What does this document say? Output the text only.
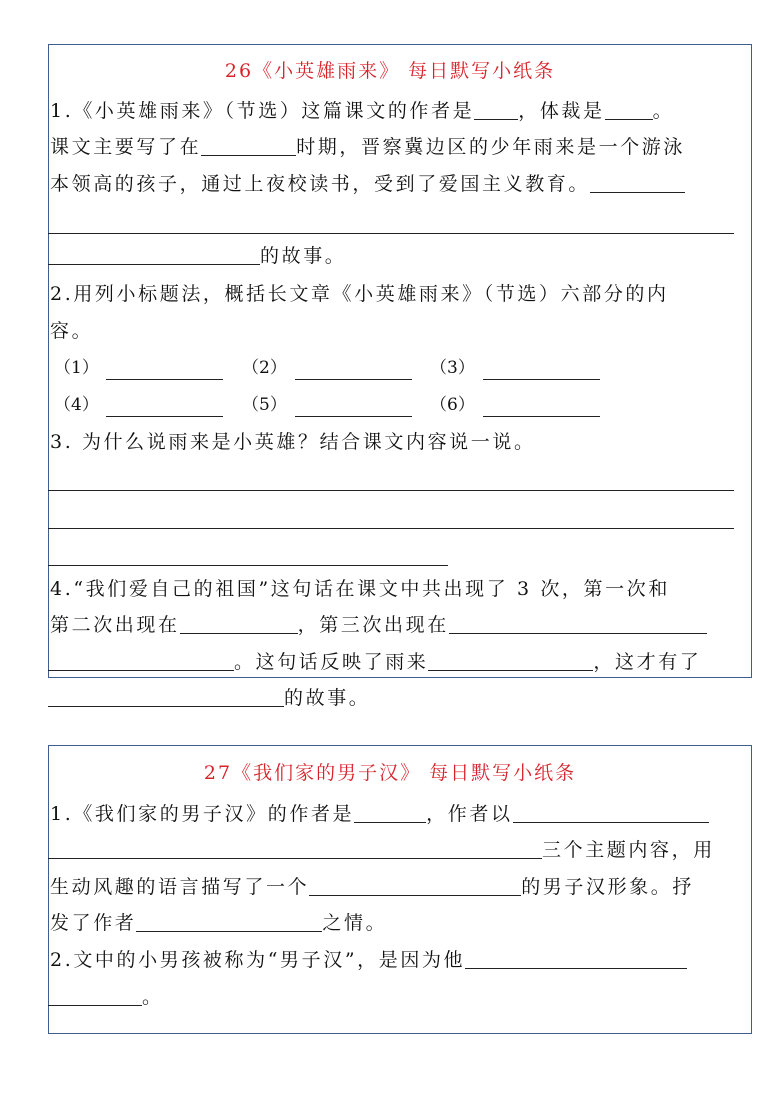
26《小英雄雨来》 每日默写小纸条
1.《小英雄雨来》（节选）这篇课文的作者是 ，体裁是	。
课文主要写了在	时期，晋察冀边区的少年雨来是一个游泳
本领高的孩子，通过上夜校读书，受到了爱国主义教育。
的故事。
2.用列小标题法，概括长文章《小英雄雨来》（节选）六部分的内
容。
（1）	（2）	（3）
（4）	（5）	（6）
3. 为什么说雨来是小英雄？结合课文内容说一说。
4.“我们爱自己的祖国”这句话在课文中共出现了 3 次，第一次和
第二次出现在	，第三次出现在
。这句话反映了雨来	，这才有了
的故事。
27《我们家的男子汉》 每日默写小纸条
1.《我们家的男子汉》的作者是	，作者以
三个主题内容，用
生动风趣的语言描写了一个	的男子汉形象。抒
发了作者	之情。
2.文中的小男孩被称为“男子汉”，是因为他
。
